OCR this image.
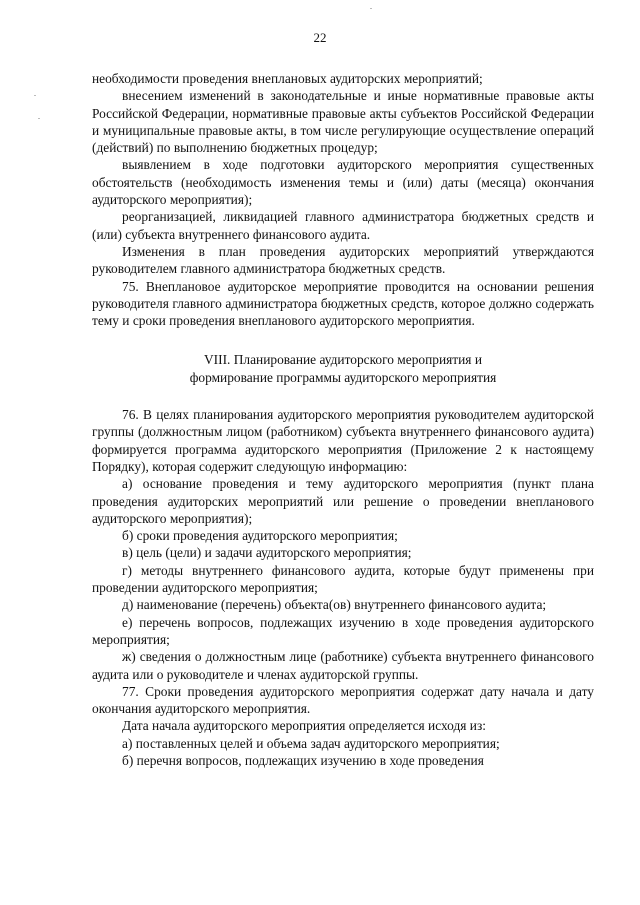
22

необходимости проведения внеплановых аудиторских мероприятий;

внесением изменений в законодательные и иные нормативные правовые акты Российской Федерации, нормативные правовые акты субъектов Российской Федерации и муниципальные правовые акты, в том числе регулирующие осуществление операций (действий) по выполнению бюджетных процедур;

выявлением в ходе подготовки аудиторского мероприятия существенных обстоятельств (необходимость изменения темы и (или) даты (месяца) окончания аудиторского мероприятия);

реорганизацией, ликвидацией главного администратора бюджетных средств и (или) субъекта внутреннего финансового аудита.

Изменения в план проведения аудиторских мероприятий утверждаются руководителем главного администратора бюджетных средств.

75. Внеплановое аудиторское мероприятие проводится на основании решения руководителя главного администратора бюджетных средств, которое должно содержать тему и сроки проведения внепланового аудиторского мероприятия.

VIII. Планирование аудиторского мероприятия и
формирование программы аудиторского мероприятия

76. В целях планирования аудиторского мероприятия руководителем аудиторской группы (должностным лицом (работником) субъекта внутреннего финансового аудита) формируется программа аудиторского мероприятия (Приложение 2 к настоящему Порядку), которая содержит следующую информацию:

а) основание проведения и тему аудиторского мероприятия (пункт плана проведения аудиторских мероприятий или решение о проведении внепланового аудиторского мероприятия);

б) сроки проведения аудиторского мероприятия;

в) цель (цели) и задачи аудиторского мероприятия;

г) методы внутреннего финансового аудита, которые будут применены при проведении аудиторского мероприятия;

д) наименование (перечень) объекта(ов) внутреннего финансового аудита;

е) перечень вопросов, подлежащих изучению в ходе проведения аудиторского мероприятия;

ж) сведения о должностным лице (работнике) субъекта внутреннего финансового аудита или о руководителе и членах аудиторской группы.

77. Сроки проведения аудиторского мероприятия содержат дату начала и дату окончания аудиторского мероприятия.

Дата начала аудиторского мероприятия определяется исходя из:

а) поставленных целей и объема задач аудиторского мероприятия;

б) перечня вопросов, подлежащих изучению в ходе проведения
